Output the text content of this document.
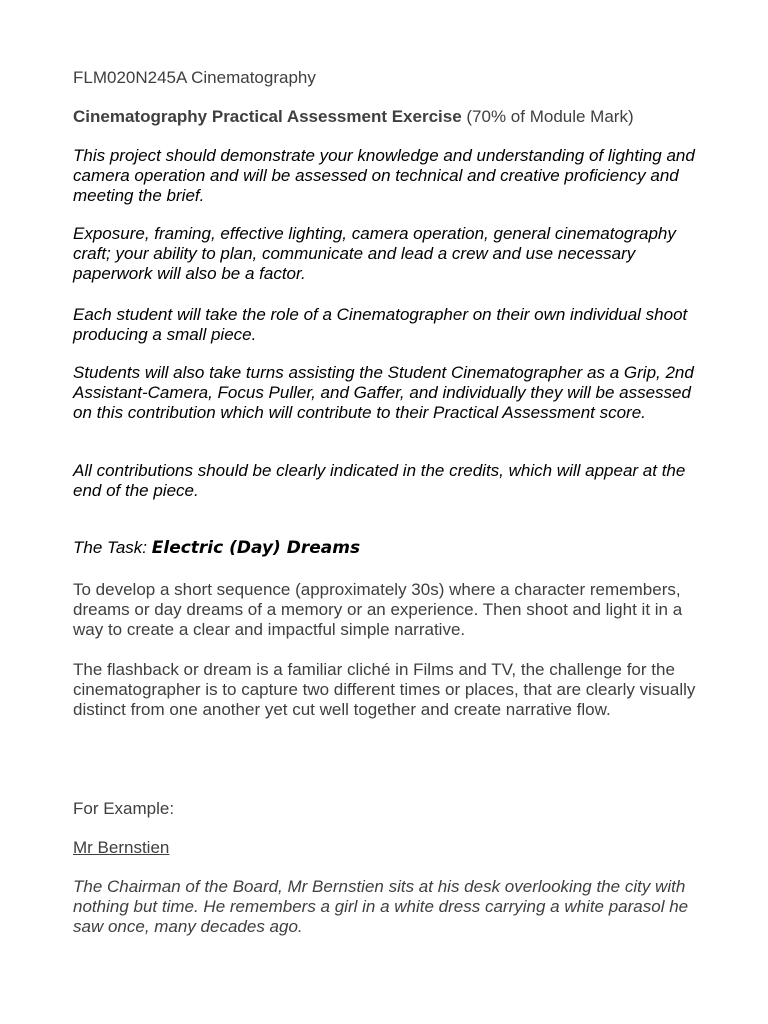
FLM020N245A Cinematography

Cinematography Practical Assessment Exercise (70% of Module Mark)

This project should demonstrate your knowledge and understanding of lighting and camera operation and will be assessed on technical and creative proficiency and meeting the brief.

Exposure, framing, effective lighting, camera operation, general cinematography craft; your ability to plan, communicate and lead a crew and use necessary paperwork will also be a factor.

Each student will take the role of a Cinematographer on their own individual shoot producing a small piece.

Students will also take turns assisting the Student Cinematographer as a Grip, 2nd Assistant-Camera, Focus Puller, and Gaffer, and individually they will be assessed on this contribution which will contribute to their Practical Assessment score.

All contributions should be clearly indicated in the credits, which will appear at the end of the piece.

The Task: Electric (Day) Dreams

To develop a short sequence (approximately 30s) where a character remembers, dreams or day dreams of a memory or an experience. Then shoot and light it in a way to create a clear and impactful simple narrative.

The flashback or dream is a familiar cliché in Films and TV, the challenge for the cinematographer is to capture two different times or places, that are clearly visually distinct from one another yet cut well together and create narrative flow.

For Example:

Mr Bernstien

The Chairman of the Board, Mr Bernstien sits at his desk overlooking the city with nothing but time. He remembers a girl in a white dress carrying a white parasol he saw once, many decades ago.
